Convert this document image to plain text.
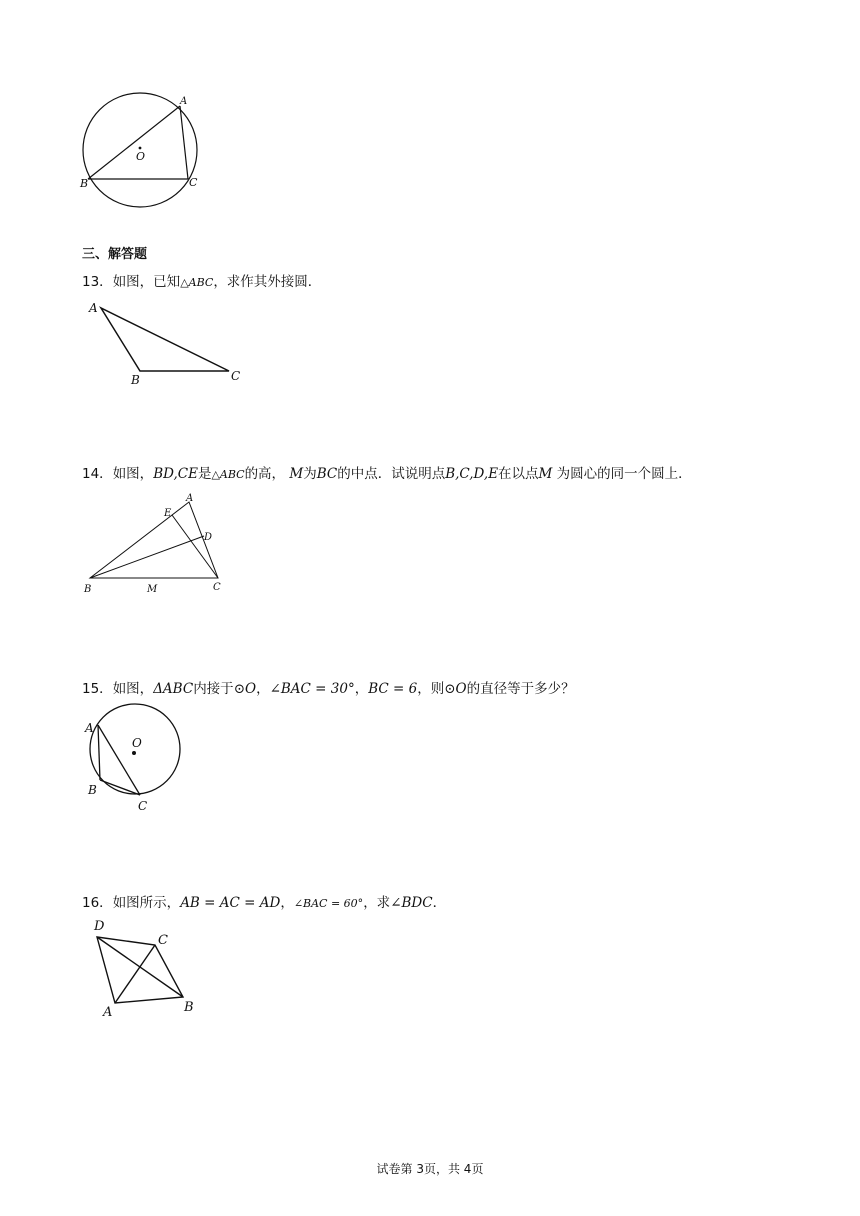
A
O
B	C
三、解答题
13．如图，已知△ABC，求作其外接圆．
A
B	C
14．如图，BD,CE是△ABC的高， M为BC的中点．试说明点B,C,D,E在以点M 为圆心的同一个圆上．
A
E
D
B	M	C
15．如图，ΔABC内接于⊙O，∠BAC = 30°，BC = 6，则⊙O的直径等于多少？
A
O
B
C
16．如图所示，AB = AC = AD，∠BAC = 60°，求∠BDC．
D
C
A	B
试卷第 3页，共 4页
